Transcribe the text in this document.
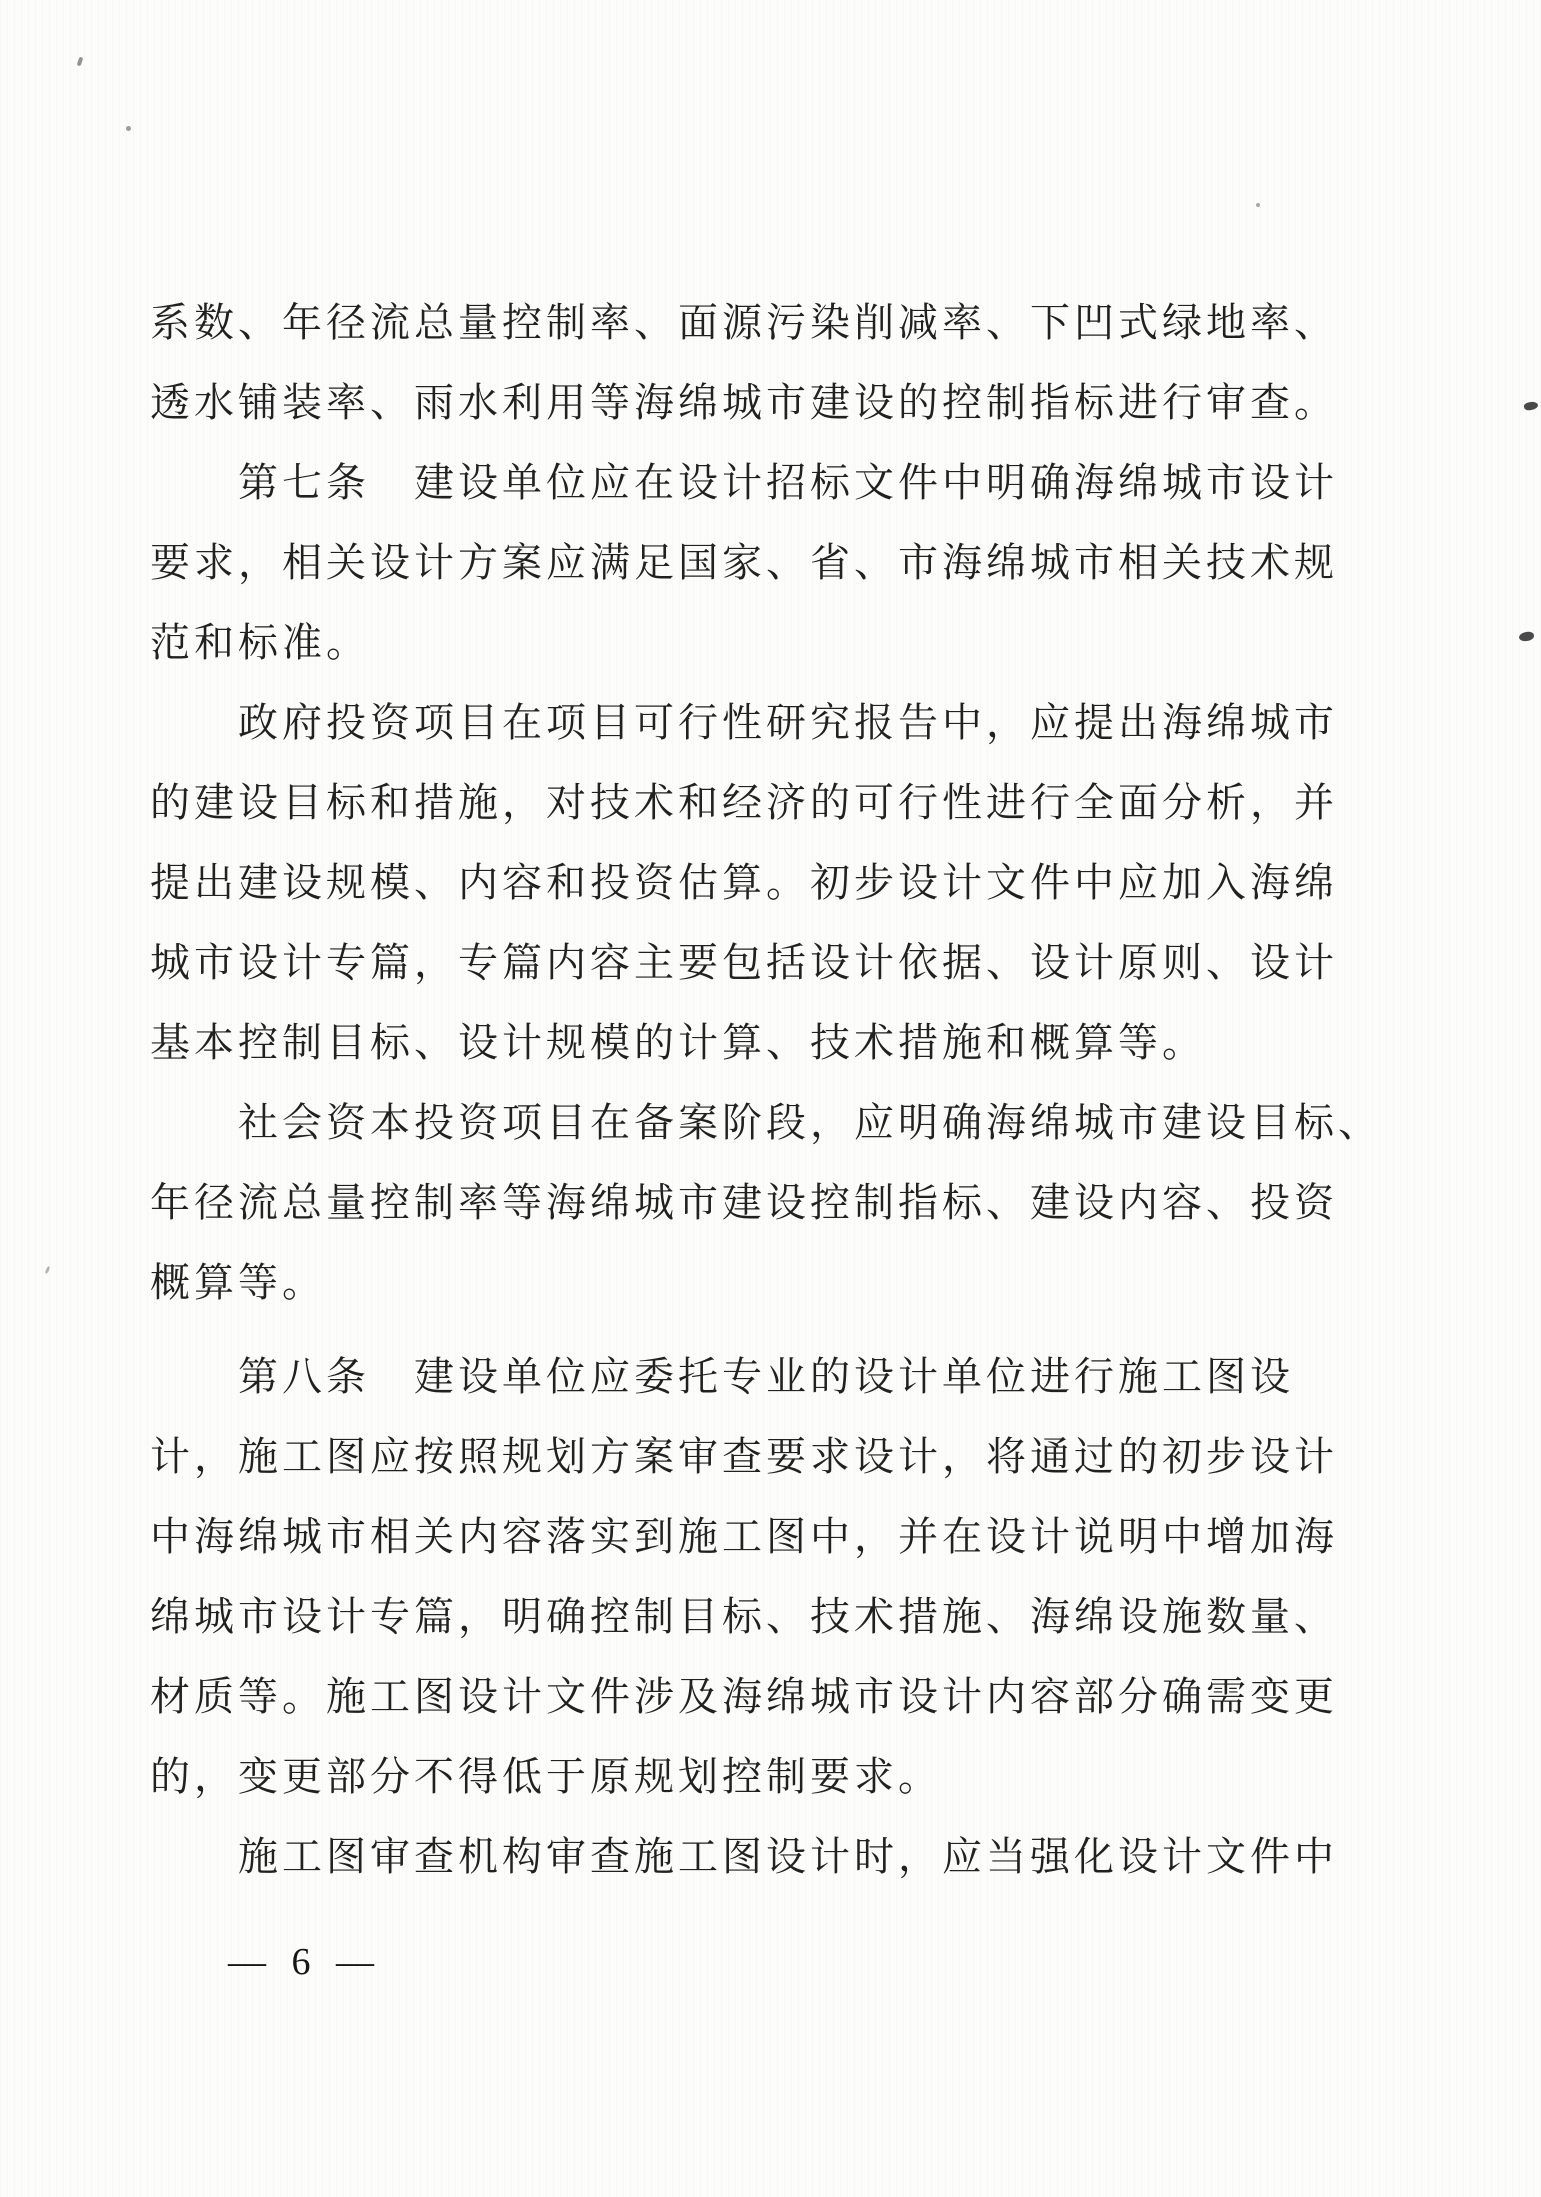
系数、年径流总量控制率、面源污染削减率、下凹式绿地率、
透水铺装率、雨水利用等海绵城市建设的控制指标进行审查。
第七条　建设单位应在设计招标文件中明确海绵城市设计
要求，相关设计方案应满足国家、省、市海绵城市相关技术规
范和标准。
政府投资项目在项目可行性研究报告中，应提出海绵城市
的建设目标和措施，对技术和经济的可行性进行全面分析，并
提出建设规模、内容和投资估算。初步设计文件中应加入海绵
城市设计专篇，专篇内容主要包括设计依据、设计原则、设计
基本控制目标、设计规模的计算、技术措施和概算等。
社会资本投资项目在备案阶段，应明确海绵城市建设目标、
年径流总量控制率等海绵城市建设控制指标、建设内容、投资
概算等。
第八条　建设单位应委托专业的设计单位进行施工图设
计，施工图应按照规划方案审查要求设计，将通过的初步设计
中海绵城市相关内容落实到施工图中，并在设计说明中增加海
绵城市设计专篇，明确控制目标、技术措施、海绵设施数量、
材质等。施工图设计文件涉及海绵城市设计内容部分确需变更
的，变更部分不得低于原规划控制要求。
施工图审查机构审查施工图设计时，应当强化设计文件中
— 6 —
